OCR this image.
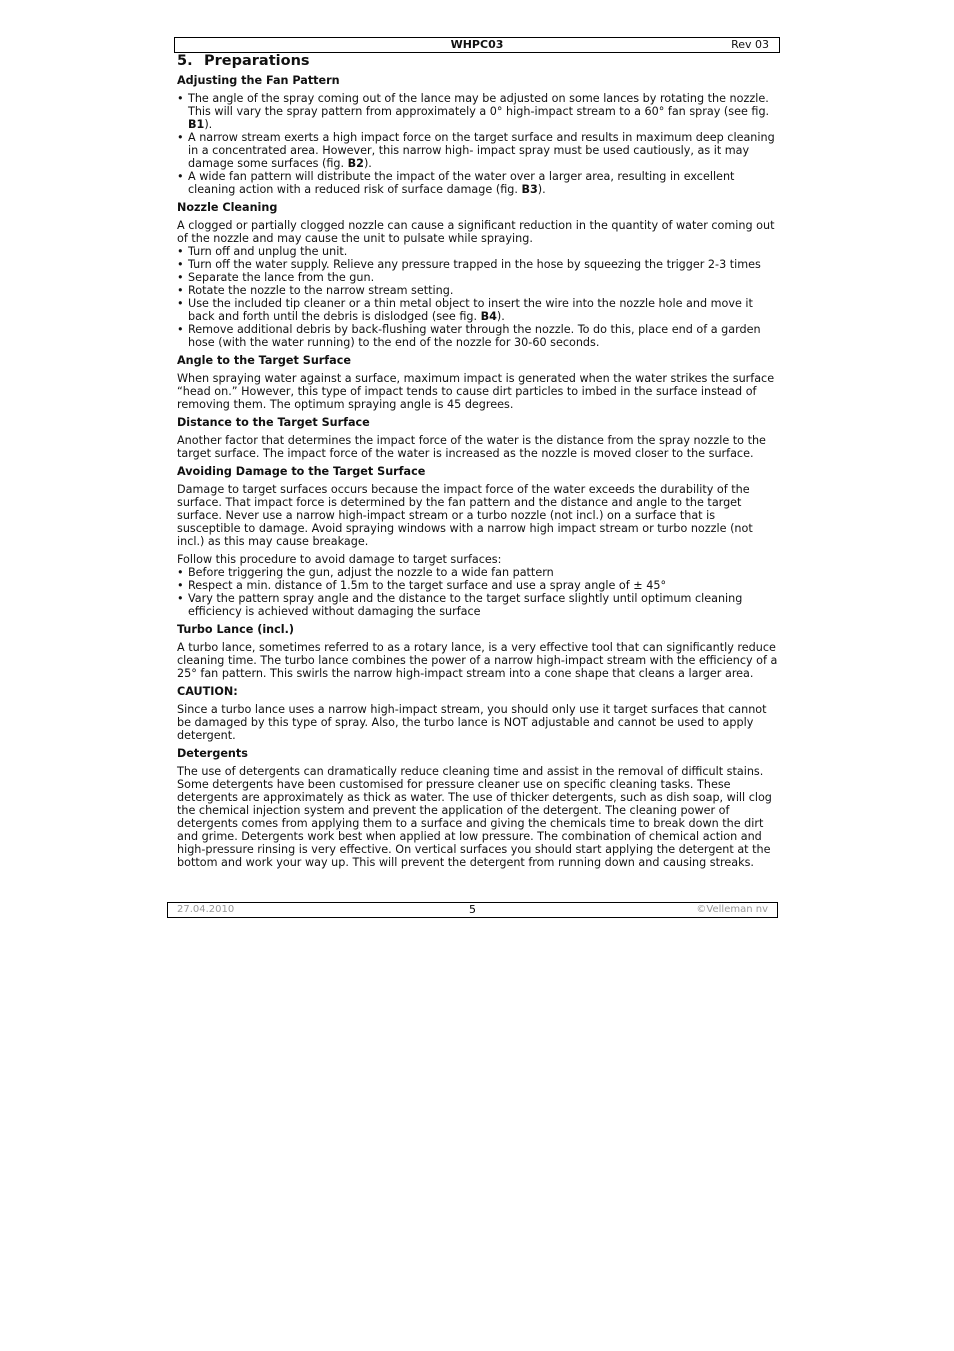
WHPC03	Rev 03
5. Preparations
Adjusting the Fan Pattern
• The angle of the spray coming out of the lance may be adjusted on some lances by rotating the nozzle. This will vary the spray pattern from approximately a 0° high-impact stream to a 60° fan spray (see fig. B1).
• A narrow stream exerts a high impact force on the target surface and results in maximum deep cleaning in a concentrated area. However, this narrow high- impact spray must be used cautiously, as it may damage some surfaces (fig. B2).
• A wide fan pattern will distribute the impact of the water over a larger area, resulting in excellent cleaning action with a reduced risk of surface damage (fig. B3).
Nozzle Cleaning

A clogged or partially clogged nozzle can cause a significant reduction in the quantity of water coming out of the nozzle and may cause the unit to pulsate while spraying.

• Turn off and unplug the unit.
• Turn off the water supply. Relieve any pressure trapped in the hose by squeezing the trigger 2-3 times
• Separate the lance from the gun.
• Rotate the nozzle to the narrow stream setting.
• Use the included tip cleaner or a thin metal object to insert the wire into the nozzle hole and move it back and forth until the debris is dislodged (see fig. B4).
• Remove additional debris by back-flushing water through the nozzle. To do this, place end of a garden hose (with the water running) to the end of the nozzle for 30-60 seconds.
Angle to the Target Surface

When spraying water against a surface, maximum impact is generated when the water strikes the surface “head on.” However, this type of impact tends to cause dirt particles to imbed in the surface instead of removing them. The optimum spraying angle is 45 degrees.

Distance to the Target Surface

Another factor that determines the impact force of the water is the distance from the spray nozzle to the target surface. The impact force of the water is increased as the nozzle is moved closer to the surface.

Avoiding Damage to the Target Surface

Damage to target surfaces occurs because the impact force of the water exceeds the durability of the surface. That impact force is determined by the fan pattern and the distance and angle to the target surface. Never use a narrow high-impact stream or a turbo nozzle (not incl.) on a surface that is susceptible to damage. Avoid spraying windows with a narrow high impact stream or turbo nozzle (not incl.) as this may cause breakage.

Follow this procedure to avoid damage to target surfaces:

• Before triggering the gun, adjust the nozzle to a wide fan pattern
• Respect a min. distance of 1.5m to the target surface and use a spray angle of ± 45°
• Vary the pattern spray angle and the distance to the target surface slightly until optimum cleaning efficiency is achieved without damaging the surface
Turbo Lance (incl.)

A turbo lance, sometimes referred to as a rotary lance, is a very effective tool that can significantly reduce cleaning time. The turbo lance combines the power of a narrow high-impact stream with the efficiency of a 25° fan pattern. This swirls the narrow high-impact stream into a cone shape that cleans a larger area.

CAUTION:

Since a turbo lance uses a narrow high-impact stream, you should only use it target surfaces that cannot be damaged by this type of spray. Also, the turbo lance is NOT adjustable and cannot be used to apply detergent.

Detergents

The use of detergents can dramatically reduce cleaning time and assist in the removal of difficult stains. Some detergents have been customised for pressure cleaner use on specific cleaning tasks. These detergents are approximately as thick as water. The use of thicker detergents, such as dish soap, will clog the chemical injection system and prevent the application of the detergent. The cleaning power of detergents comes from applying them to a surface and giving the chemicals time to break down the dirt and grime. Detergents work best when applied at low pressure. The combination of chemical action and high-pressure rinsing is very effective. On vertical surfaces you should start applying the detergent at the bottom and work your way up. This will prevent the detergent from running down and causing streaks.

27.04.2010	5	©Velleman nv
